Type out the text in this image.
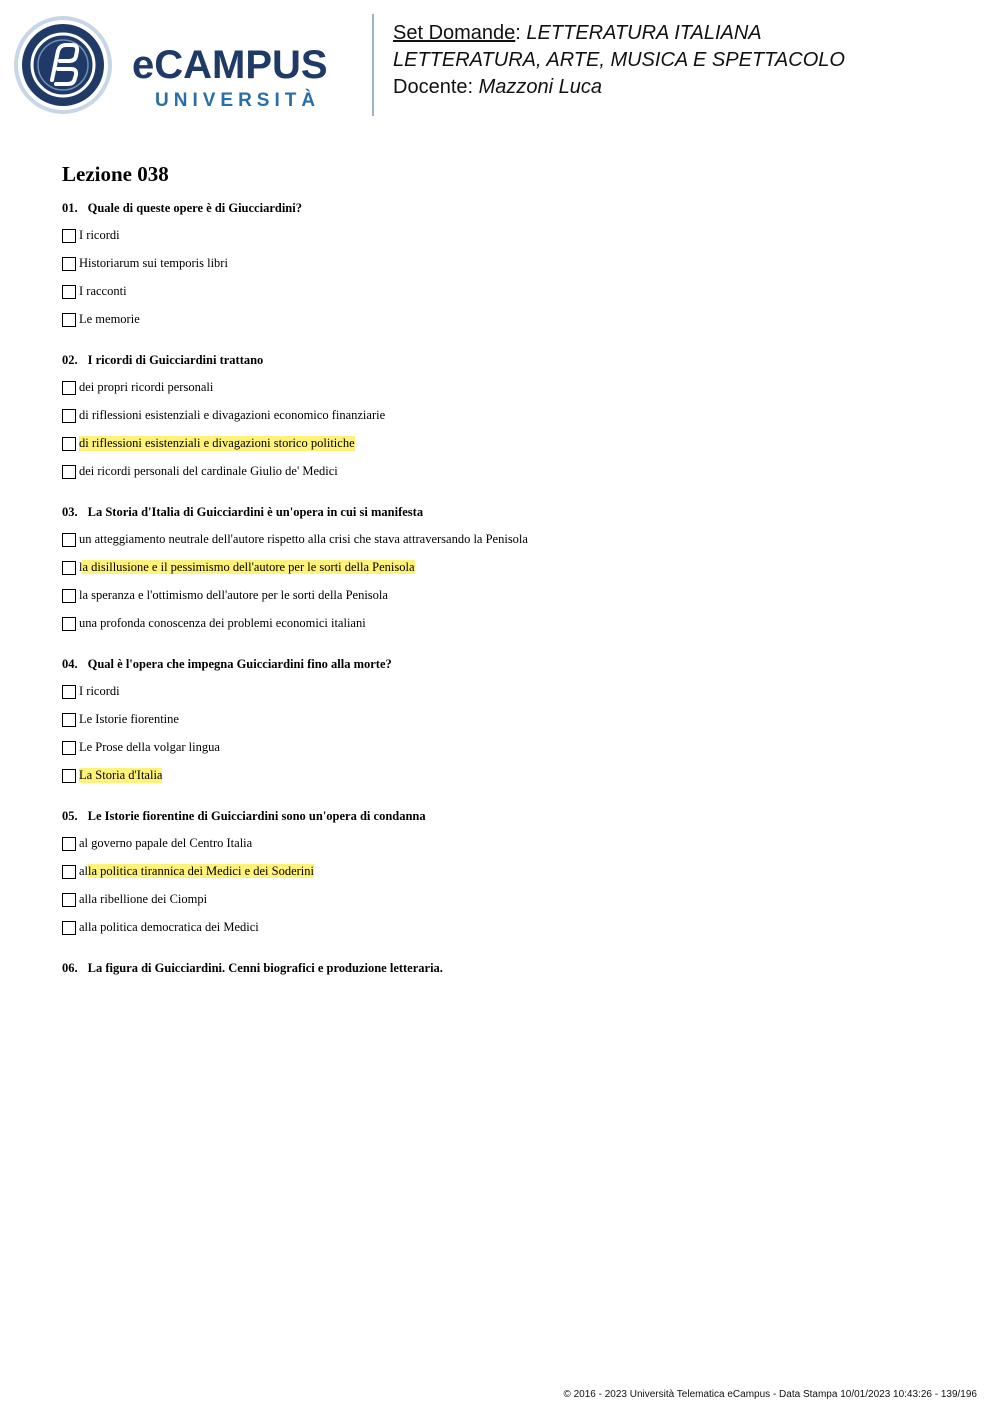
eCAMPUS
UNIVERSITÀ
Set Domande: LETTERATURA ITALIANA
LETTERATURA, ARTE, MUSICA E SPETTACOLO
Docente: Mazzoni Luca
Lezione 038
01. Quale di queste opere è di Giucciardini?
I ricordi
Historiarum sui temporis libri
I racconti
Le memorie
02. I ricordi di Guicciardini trattano
dei propri ricordi personali
di riflessioni esistenziali e divagazioni economico finanziarie
di riflessioni esistenziali e divagazioni storico politiche
dei ricordi personali del cardinale Giulio de' Medici
03. La Storia d'Italia di Guicciardini è un'opera in cui si manifesta
un atteggiamento neutrale dell'autore rispetto alla crisi che stava attraversando la Penisola
la disillusione e il pessimismo dell'autore per le sorti della Penisola
la speranza e l'ottimismo dell'autore per le sorti della Penisola
una profonda conoscenza dei problemi economici italiani
04. Qual è l'opera che impegna Guicciardini fino alla morte?
I ricordi
Le Istorie fiorentine
Le Prose della volgar lingua
La Storia d'Italia
05. Le Istorie fiorentine di Guicciardini sono un'opera di condanna
al governo papale del Centro Italia
alla politica tirannica dei Medici e dei Soderini
alla ribellione dei Ciompi
alla politica democratica dei Medici
06. La figura di Guicciardini. Cenni biografici e produzione letteraria.
© 2016 - 2023 Università Telematica eCampus - Data Stampa 10/01/2023 10:43:26 - 139/196
